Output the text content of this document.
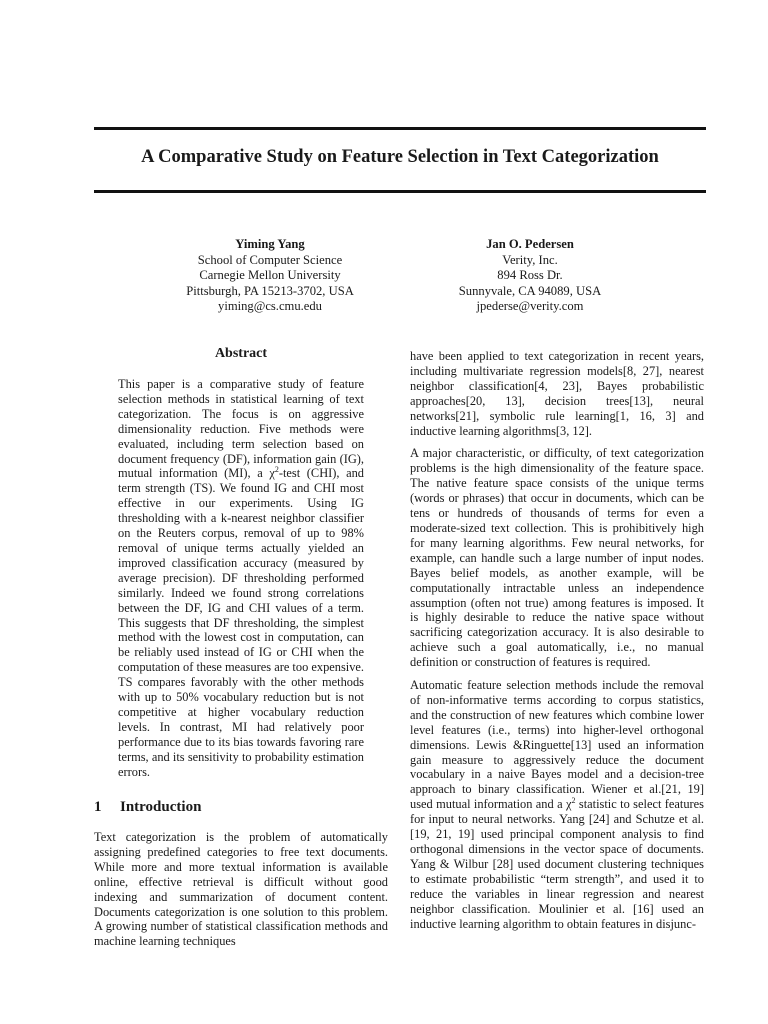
A Comparative Study on Feature Selection in Text Categorization
Yiming Yang
School of Computer Science
Carnegie Mellon University
Pittsburgh, PA 15213-3702, USA
yiming@cs.cmu.edu
Jan O. Pedersen
Verity, Inc.
894 Ross Dr.
Sunnyvale, CA 94089, USA
jpederse@verity.com
Abstract

This paper is a comparative study of feature selection methods in statistical learning of text categorization. The focus is on aggressive dimensionality reduction. Five methods were evaluated, including term selection based on document frequency (DF), information gain (IG), mutual information (MI), a $\chi^2$-test (CHI), and term strength (TS). We found IG and CHI most effective in our experiments. Using IG thresholding with a k-nearest neighbor classifier on the Reuters corpus, removal of up to 98% removal of unique terms actually yielded an improved classification accuracy (measured by average precision). DF thresholding performed similarly. Indeed we found strong correlations between the DF, IG and CHI values of a term. This suggests that DF thresholding, the simplest method with the lowest cost in computation, can be reliably used instead of IG or CHI when the computation of these measures are too expensive. TS compares favorably with the other methods with up to 50% vocabulary reduction but is not competitive at higher vocabulary reduction levels. In contrast, MI had relatively poor performance due to its bias towards favoring rare terms, and its sensitivity to probability estimation errors.

1 Introduction

Text categorization is the problem of automatically assigning predefined categories to free text documents. While more and more textual information is available online, effective retrieval is difficult without good indexing and summarization of document content. Documents categorization is one solution to this problem. A growing number of statistical classification methods and machine learning techniques

have been applied to text categorization in recent years, including multivariate regression models[8, 27], nearest neighbor classification[4, 23], Bayes probabilistic approaches[20, 13], decision trees[13], neural networks[21], symbolic rule learning[1, 16, 3] and inductive learning algorithms[3, 12].

A major characteristic, or difficulty, of text categorization problems is the high dimensionality of the feature space. The native feature space consists of the unique terms (words or phrases) that occur in documents, which can be tens or hundreds of thousands of terms for even a moderate-sized text collection. This is prohibitively high for many learning algorithms. Few neural networks, for example, can handle such a large number of input nodes. Bayes belief models, as another example, will be computationally intractable unless an independence assumption (often not true) among features is imposed. It is highly desirable to reduce the native space without sacrificing categorization accuracy. It is also desirable to achieve such a goal automatically, i.e., no manual definition or construction of features is required.

Automatic feature selection methods include the removal of non-informative terms according to corpus statistics, and the construction of new features which combine lower level features (i.e., terms) into higher-level orthogonal dimensions. Lewis &Ringuette[13] used an information gain measure to aggressively reduce the document vocabulary in a naive Bayes model and a decision-tree approach to binary classification. Wiener et al.[21, 19] used mutual information and a $\chi^2$ statistic to select features for input to neural networks. Yang [24] and Schutze et al. [19, 21, 19] used principal component analysis to find orthogonal dimensions in the vector space of documents. Yang & Wilbur [28] used document clustering techniques to estimate probabilistic “term strength”, and used it to reduce the variables in linear regression and nearest neighbor classification. Moulinier et al. [16] used an inductive learning algorithm to obtain features in disjunc-
